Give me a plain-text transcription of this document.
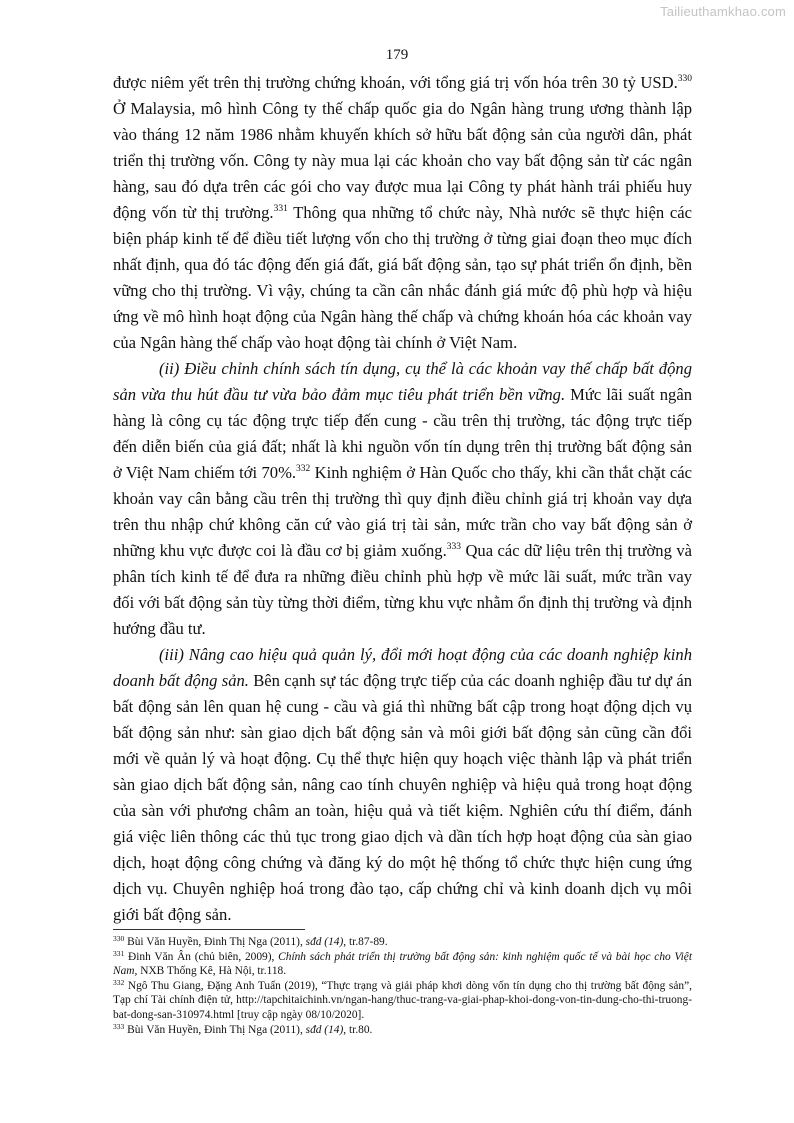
Tailieuthamkhao.com
179

được niêm yết trên thị trường chứng khoán, với tổng giá trị vốn hóa trên 30 tỷ USD.$^{330}$ Ở Malaysia, mô hình Công ty thế chấp quốc gia do Ngân hàng trung ương thành lập vào tháng 12 năm 1986 nhằm khuyến khích sở hữu bất động sản của người dân, phát triển thị trường vốn. Công ty này mua lại các khoản cho vay bất động sản từ các ngân hàng, sau đó dựa trên các gói cho vay được mua lại Công ty phát hành trái phiếu huy động vốn từ thị trường.$^{331}$ Thông qua những tổ chức này, Nhà nước sẽ thực hiện các biện pháp kinh tế để điều tiết lượng vốn cho thị trường ở từng giai đoạn theo mục đích nhất định, qua đó tác động đến giá đất, giá bất động sản, tạo sự phát triển ổn định, bền vững cho thị trường. Vì vậy, chúng ta cần cân nhắc đánh giá mức độ phù hợp và hiệu ứng về mô hình hoạt động của Ngân hàng thế chấp và chứng khoán hóa các khoản vay của Ngân hàng thế chấp vào hoạt động tài chính ở Việt Nam.

(ii) Điều chỉnh chính sách tín dụng, cụ thể là các khoản vay thế chấp bất động sản vừa thu hút đầu tư vừa bảo đảm mục tiêu phát triển bền vững. Mức lãi suất ngân hàng là công cụ tác động trực tiếp đến cung - cầu trên thị trường, tác động trực tiếp đến diễn biến của giá đất; nhất là khi nguồn vốn tín dụng trên thị trường bất động sản ở Việt Nam chiếm tới 70%.$^{332}$ Kinh nghiệm ở Hàn Quốc cho thấy, khi cần thắt chặt các khoản vay cân bằng cầu trên thị trường thì quy định điều chỉnh giá trị khoản vay dựa trên thu nhập chứ không căn cứ vào giá trị tài sản, mức trần cho vay bất động sản ở những khu vực được coi là đầu cơ bị giảm xuống.$^{333}$ Qua các dữ liệu trên thị trường và phân tích kinh tế để đưa ra những điều chỉnh phù hợp về mức lãi suất, mức trần vay đối với bất động sản tùy từng thời điểm, từng khu vực nhằm ổn định thị trường và định hướng đầu tư.

(iii) Nâng cao hiệu quả quản lý, đổi mới hoạt động của các doanh nghiệp kinh doanh bất động sản. Bên cạnh sự tác động trực tiếp của các doanh nghiệp đầu tư dự án bất động sản lên quan hệ cung - cầu và giá thì những bất cập trong hoạt động dịch vụ bất động sản như: sàn giao dịch bất động sản và môi giới bất động sản cũng cần đổi mới về quản lý và hoạt động. Cụ thể thực hiện quy hoạch việc thành lập và phát triển sàn giao dịch bất động sản, nâng cao tính chuyên nghiệp và hiệu quả trong hoạt động của sàn với phương châm an toàn, hiệu quả và tiết kiệm. Nghiên cứu thí điểm, đánh giá việc liên thông các thủ tục trong giao dịch và dần tích hợp hoạt động của sàn giao dịch, hoạt động công chứng và đăng ký do một hệ thống tổ chức thực hiện cung ứng dịch vụ. Chuyên nghiệp hoá trong đào tạo, cấp chứng chỉ và kinh doanh dịch vụ môi giới bất động sản.

$^{330}$ Bùi Văn Huyền, Đinh Thị Nga (2011), sđd (14), tr.87-89.

$^{331}$ Đinh Văn Ân (chủ biên, 2009), Chính sách phát triển thị trường bất động sản: kinh nghiệm quốc tế và bài học cho Việt Nam, NXB Thống Kê, Hà Nội, tr.118.

$^{332}$ Ngô Thu Giang, Đặng Anh Tuấn (2019), “Thực trạng và giải pháp khơi dòng vốn tín dụng cho thị trường bất động sản”, Tạp chí Tài chính điện tử, http://tapchitaichinh.vn/ngan-hang/thuc-trang-va-giai-phap-khoi-dong-von-tin-dung-cho-thi-truong-bat-dong-san-310974.html [truy cập ngày 08/10/2020].

$^{333}$ Bùi Văn Huyền, Đinh Thị Nga (2011), sđd (14), tr.80.
